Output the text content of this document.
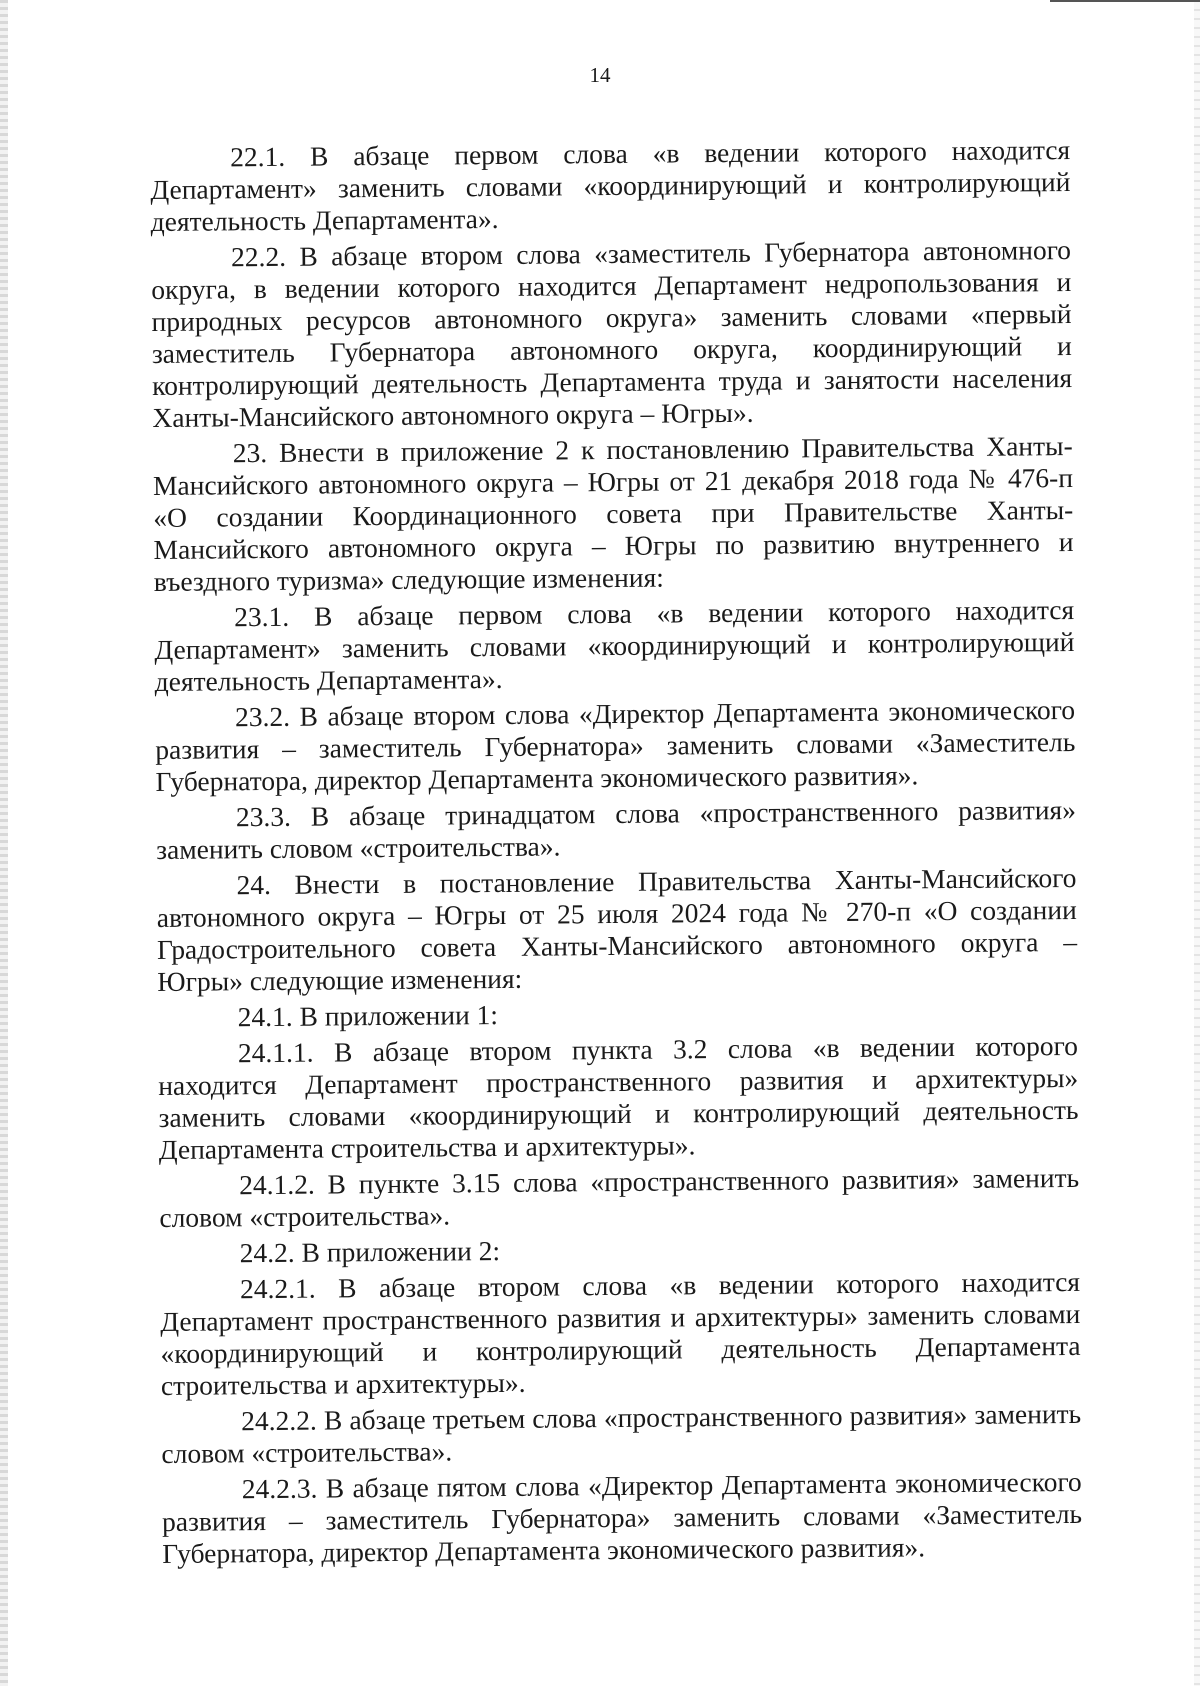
14

22.1. В абзаце первом слова «в ведении которого находится Департамент» заменить словами «координирующий и контролирующий деятельность Департамента».

22.2. В абзаце втором слова «заместитель Губернатора автономного округа, в ведении которого находится Департамент недропользования и природных ресурсов автономного округа» заменить словами «первый заместитель Губернатора автономного округа, координирующий и контролирующий деятельность Департамента труда и занятости населения Ханты-Мансийского автономного округа – Югры».

23. Внести в приложение 2 к постановлению Правительства Ханты-Мансийского автономного округа – Югры от 21 декабря 2018 года № 476-п «О создании Координационного совета при Правительстве Ханты-Мансийского автономного округа – Югры по развитию внутреннего и въездного туризма» следующие изменения:

23.1. В абзаце первом слова «в ведении которого находится Департамент» заменить словами «координирующий и контролирующий деятельность Департамента».

23.2. В абзаце втором слова «Директор Департамента экономического развития – заместитель Губернатора» заменить словами «Заместитель Губернатора, директор Департамента экономического развития».

23.3. В абзаце тринадцатом слова «пространственного развития» заменить словом «строительства».

24. Внести в постановление Правительства Ханты-Мансийского автономного округа – Югры от 25 июля 2024 года № 270-п «О создании Градостроительного совета Ханты-Мансийского автономного округа – Югры» следующие изменения:

24.1. В приложении 1:

24.1.1. В абзаце втором пункта 3.2 слова «в ведении которого находится Департамент пространственного развития и архитектуры» заменить словами «координирующий и контролирующий деятельность Департамента строительства и архитектуры».

24.1.2. В пункте 3.15 слова «пространственного развития» заменить словом «строительства».

24.2. В приложении 2:

24.2.1. В абзаце втором слова «в ведении которого находится Департамент пространственного развития и архитектуры» заменить словами «координирующий и контролирующий деятельность Департамента строительства и архитектуры».

24.2.2. В абзаце третьем слова «пространственного развития» заменить словом «строительства».

24.2.3. В абзаце пятом слова «Директор Департамента экономического развития – заместитель Губернатора» заменить словами «Заместитель Губернатора, директор Департамента экономического развития».
